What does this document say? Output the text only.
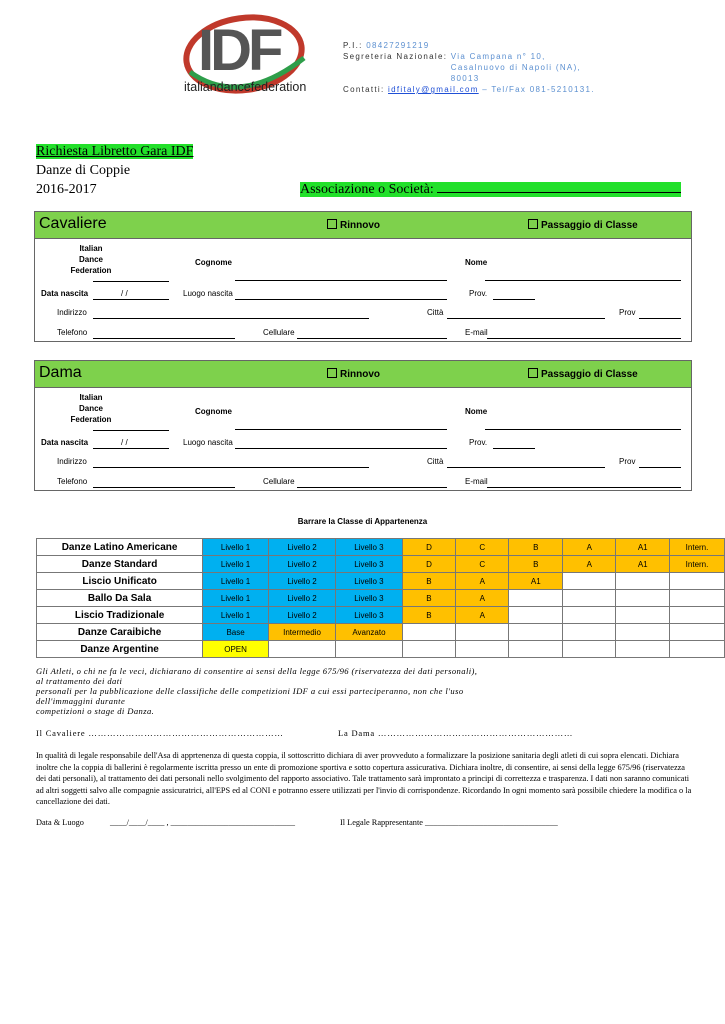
IDF
italiandancefederation
P.I.: 08427291219
Segreteria Nazionale:
Via Campana n° 10,
Casalnuovo di Napoli (NA),
80013
Contatti: idfitaly@gmail.com – Tel/Fax 081-5210131.
Richiesta Libretto Gara IDF
Danze di Coppie
2016-2017	Associazione o Società:
Cavaliere	Rinnovo	Passaggio di Classe
Italian
Dance
Federation
Cognome	Nome
Data nascita	/ /	Luogo nascita	Prov.
Indirizzo	Città	Prov
Telefono	Cellulare	E-mail
Dama	Rinnovo	Passaggio di Classe
Italian
Dance
Federation
Cognome	Nome
Data nascita	/ /	Luogo nascita	Prov.
Indirizzo	Città	Prov
Telefono	Cellulare	E-mail
Barrare la Classe di Appartenenza
Danze Latino Americane	Livello 1	Livello 2	Livello 3	D	C	B	A	A1	Intern.
Danze Standard	Livello 1	Livello 2	Livello 3	D	C	B	A	A1	Intern.
Liscio Unificato	Livello 1	Livello 2	Livello 3	B	A	A1			
Ballo Da Sala	Livello 1	Livello 2	Livello 3	B	A				
Liscio Tradizionale	Livello 1	Livello 2	Livello 3	B	A				
Danze Caraibiche	Base	Intermedio	Avanzato						
Danze Argentine	OPEN								
Gli Atleti, o chi ne fa le veci, dichiarano di consentire ai sensi della legge 675/96 (riservatezza dei dati personali),
al trattamento dei dati
personali per la pubblicazione delle classifiche delle competizioni IDF a cui essi parteciperanno, non che l'uso
dell'immaggini durante
competizioni o stage di Danza.
Il Cavaliere ………………………………………………………	La Dama ………………………………………………………
In qualità di legale responsabile dell'Asa di apprtenenza di questa coppia, il sottoscritto dichiara di aver provveduto a formalizzare la posizione sanitaria degli atleti di cui sopra elencati. Dichiara inoltre che la coppia di ballerini è regolarmente iscritta presso un ente di promozione sportiva e sotto copertura assicurativa. Dichiara inoltre, di consentire, ai sensi della legge 675/96 (riservatezza dei dati personali), al trattamento dei dati personali nello svolgimento del rapporto associativo. Tale trattamento sarà improntato a principi di correttezza e trasparenza. I dati non saranno comunicati ad altri soggetti salvo alle compagnie assicuratrici, all'EPS ed al CONI e potranno essere utilizzati per l'invio di corrispondenze. Ricordando In ogni momento sarà possibile chiedere la modifica o la cancellazione dei dati.
Data & Luogo	____/____/____ , ______________________________	Il Legale Rappresentante ________________________________
